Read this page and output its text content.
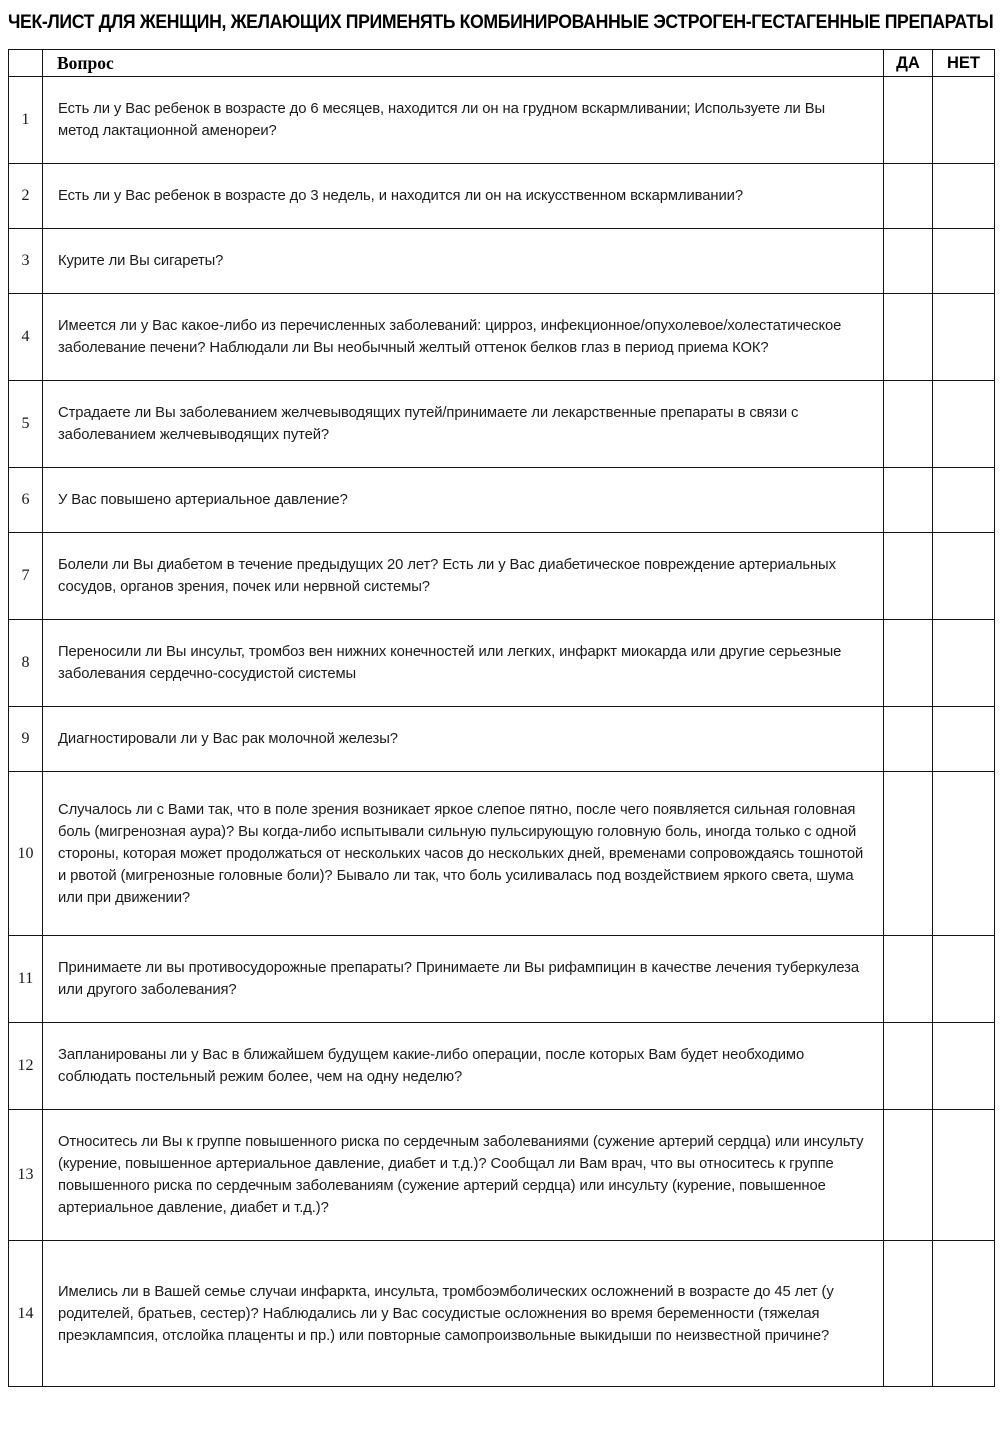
ЧЕК-ЛИСТ ДЛЯ ЖЕНЩИН, ЖЕЛАЮЩИХ ПРИМЕНЯТЬ КОМБИНИРОВАННЫЕ ЭСТРОГЕН-ГЕСТАГЕННЫЕ ПРЕПАРАТЫ
	Вопрос	ДА	НЕТ
1	Есть ли у Вас ребенок в возрасте до 6 месяцев, находится ли он на грудном вскармливании; Используете ли Вы метод лактационной аменореи?		
2	Есть ли у Вас ребенок в возрасте до 3 недель, и находится ли он на искусственном вскармливании?		
3	Курите ли Вы сигареты?		
4	Имеется ли у Вас какое-либо из перечисленных заболеваний: цирроз, инфекционное/опухолевое/холестатическое заболевание печени? Наблюдали ли Вы необычный желтый оттенок белков глаз в период приема КОК?		
5	Страдаете ли Вы заболеванием желчевыводящих путей/принимаете ли лекарственные препараты в связи с заболеванием желчевыводящих путей?		
6	У Вас повышено артериальное давление?		
7	Болели ли Вы диабетом в течение предыдущих 20 лет? Есть ли у Вас диабетическое повреждение артериальных сосудов, органов зрения, почек или нервной системы?		
8	Переносили ли Вы инсульт, тромбоз вен нижних конечностей или легких, инфаркт миокарда или другие серьезные заболевания сердечно-сосудистой системы		
9	Диагностировали ли у Вас рак молочной железы?		
10	Случалось ли с Вами так, что в поле зрения возникает яркое слепое пятно, после чего появляется сильная головная боль (мигренозная аура)? Вы когда-либо испытывали сильную пульсирующую головную боль, иногда только с одной стороны, которая может продолжаться от нескольких часов до нескольких дней, временами сопровождаясь тошнотой и рвотой (мигренозные головные боли)? Бывало ли так, что боль усиливалась под воздействием яркого света, шума или при движении?		
11	Принимаете ли вы противосудорожные препараты? Принимаете ли Вы рифампицин в качестве лечения туберкулеза или другого заболевания?		
12	Запланированы ли у Вас в ближайшем будущем какие-либо операции, после которых Вам будет необходимо соблюдать постельный режим более, чем на одну неделю?		
13	Относитесь ли Вы к группе повышенного риска по сердечным заболеваниями (сужение артерий сердца) или инсульту (курение, повышенное артериальное давление, диабет и т.д.)? Сообщал ли Вам врач, что вы относитесь к группе повышенного риска по сердечным заболеваниям (сужение артерий сердца) или инсульту (курение, повышенное артериальное давление, диабет и т.д.)?		
14	Имелись ли в Вашей семье случаи инфаркта, инсульта, тромбоэмболических осложнений в возрасте до 45 лет (у родителей, братьев, сестер)? Наблюдались ли у Вас сосудистые осложнения во время беременности (тяжелая преэклампсия, отслойка плаценты и пр.) или повторные самопроизвольные выкидыши по неизвестной причине?		
